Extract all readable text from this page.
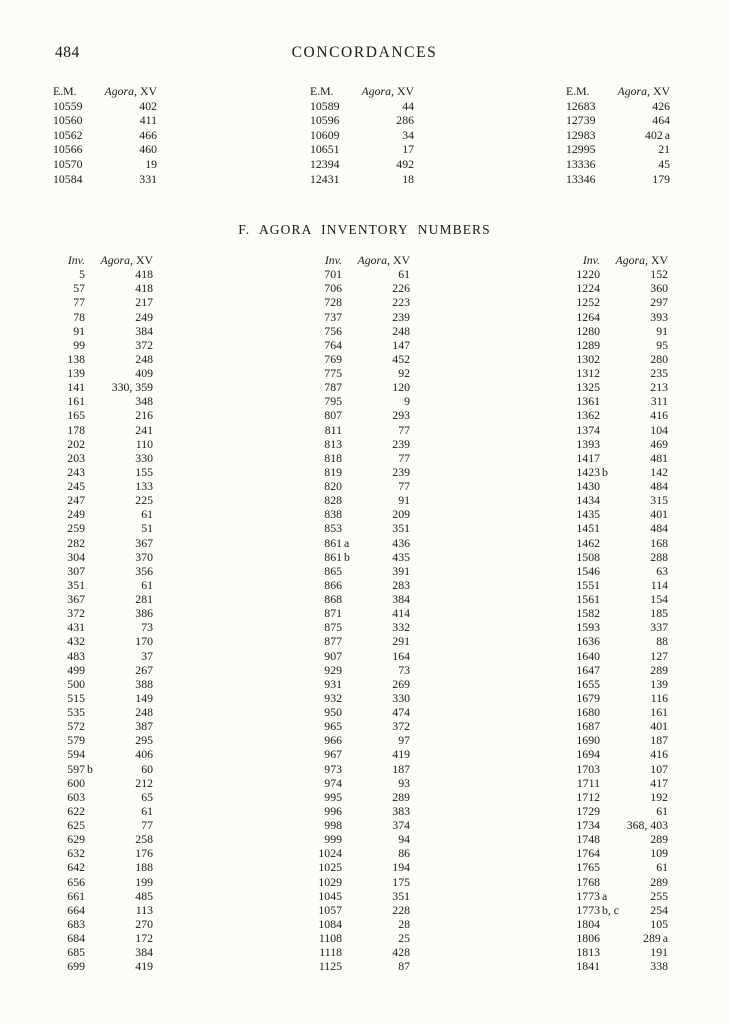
484	CONCORDANCES
E.M.	Agora, XV
10559	402
10560	411
10562	466
10566	460
10570	19
10584	331
E.M.	Agora, XV
10589	44
10596	286
10609	34
10651	17
12394	492
12431	18
E.M.	Agora, XV
12683	426
12739	464
12983	402 a
12995	21
13336	45
13346	179
F. AGORA INVENTORY NUMBERS
Inv.	Agora, XV
5	418
57	418
77	217
78	249
91	384
99	372
138	248
139	409
141	330, 359
161	348
165	216
178	241
202	110
203	330
243	155
245	133
247	225
249	61
259	51
282	367
304	370
307	356
351	61
367	281
372	386
431	73
432	170
483	37
499	267
500	388
515	149
535	248
572	387
579	295
594	406
597 b	60
600	212
603	65
622	61
625	77
629	258
632	176
642	188
656	199
661	485
664	113
683	270
684	172
685	384
699	419
Inv.	Agora, XV
701	61
706	226
728	223
737	239
756	248
764	147
769	452
775	92
787	120
795	9
807	293
811	77
813	239
818	77
819	239
820	77
828	91
838	209
853	351
861 a	436
861 b	435
865	391
866	283
868	384
871	414
875	332
877	291
907	164
929	73
931	269
932	330
950	474
965	372
966	97
967	419
973	187
974	93
995	289
996	383
998	374
999	94
1024	86
1025	194
1029	175
1045	351
1057	228
1084	28
1108	25
1118	428
1125	87
Inv.	Agora, XV
1220	152
1224	360
1252	297
1264	393
1280	91
1289	95
1302	280
1312	235
1325	213
1361	311
1362	416
1374	104
1393	469
1417	481
1423 b	142
1430	484
1434	315
1435	401
1451	484
1462	168
1508	288
1546	63
1551	114
1561	154
1582	185
1593	337
1636	88
1640	127
1647	289
1655	139
1679	116
1680	161
1687	401
1690	187
1694	416
1703	107
1711	417
1712	192
1729	61
1734	368, 403
1748	289
1764	109
1765	61
1768	289
1773 a	255
1773 b, c	254
1804	105
1806	289 a
1813	191
1841	338
